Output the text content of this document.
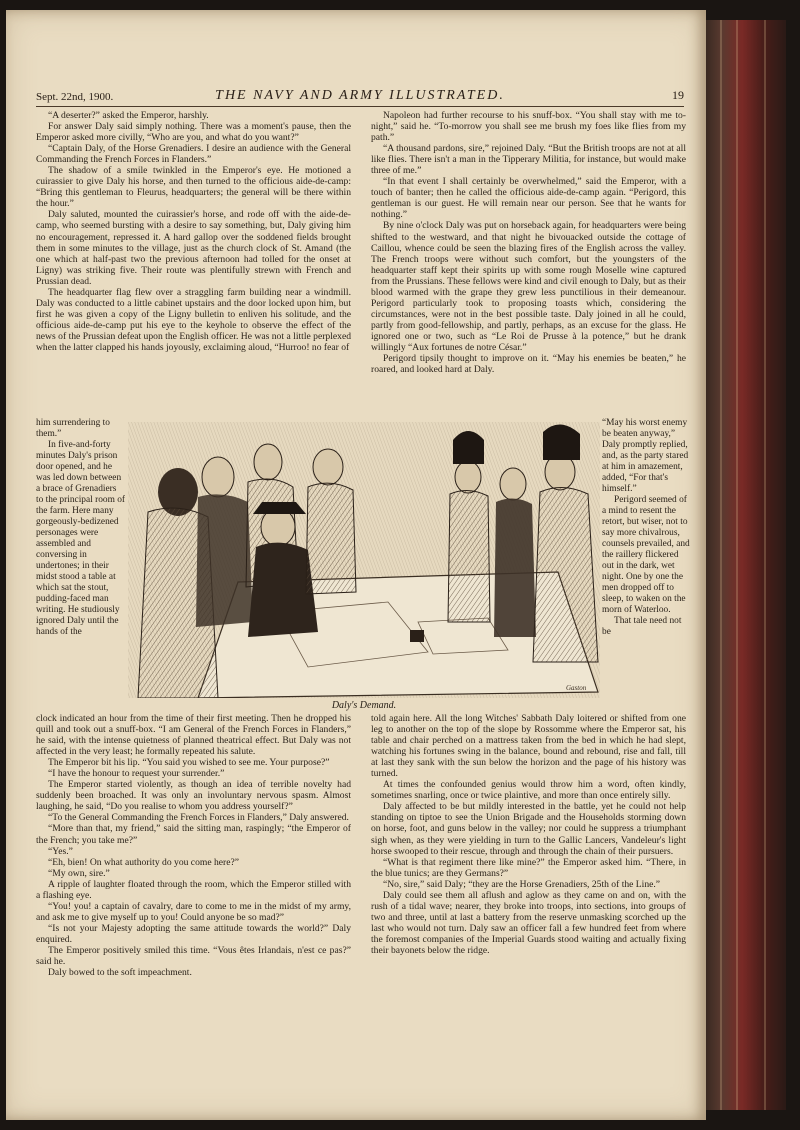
Sept. 22nd, 1900.	THE NAVY AND ARMY ILLUSTRATED.	19

“A deserter?” asked the Emperor, harshly.

For answer Daly said simply nothing. There was a moment's pause, then the Emperor asked more civilly, “Who are you, and what do you want?”

“Captain Daly, of the Horse Grenadiers. I desire an audience with the General Commanding the French Forces in Flanders.”

The shadow of a smile twinkled in the Emperor's eye. He motioned a cuirassier to give Daly his horse, and then turned to the officious aide-de-camp: “Bring this gentleman to Fleurus, headquarters; the general will be there within the hour.”

Daly saluted, mounted the cuirassier's horse, and rode off with the aide-de-camp, who seemed bursting with a desire to say something, but, Daly giving him no encouragement, repressed it. A hard gallop over the soddened fields brought them in some minutes to the village, just as the church clock of St. Amand (the one which at half-past two the previous afternoon had tolled for the onset at Ligny) was striking five. Their route was plentifully strewn with French and Prussian dead.

The headquarter flag flew over a straggling farm building near a windmill. Daly was conducted to a little cabinet upstairs and the door locked upon him, but first he was given a copy of the Ligny bulletin to enliven his solitude, and the officious aide-de-camp put his eye to the keyhole to observe the effect of the news of the Prussian defeat upon the English officer. He was not a little perplexed when the latter clapped his hands joyously, exclaiming aloud, “Hurroo! no fear of

Napoleon had further recourse to his snuff-box. “You shall stay with me to-night,” said he. “To-morrow you shall see me brush my foes like flies from my path.”

“A thousand pardons, sire,” rejoined Daly. “But the British troops are not at all like flies. There isn't a man in the Tipperary Militia, for instance, but would make three of me.”

“In that event I shall certainly be overwhelmed,” said the Emperor, with a touch of banter; then he called the officious aide-de-camp again. “Perigord, this gentleman is our guest. He will remain near our person. See that he wants for nothing.”

By nine o'clock Daly was put on horseback again, for headquarters were being shifted to the westward, and that night he bivouacked outside the cottage of Caillou, whence could be seen the blazing fires of the English across the valley. The French troops were without such comfort, but the youngsters of the headquarter staff kept their spirits up with some rough Moselle wine captured from the Prussians. These fellows were kind and civil enough to Daly, but as their blood warmed with the grape they grew less punctilious in their demeanour. Perigord particularly took to proposing toasts which, considering the circumstances, were not in the best possible taste. Daly joined in all he could, partly from good-fellowship, and partly, perhaps, as an excuse for the glass. He ignored one or two, such as “Le Roi de Prusse à la potence,” but he drank willingly “Aux fortunes de notre César.”

Perigord tipsily thought to improve on it. “May his enemies be beaten,” he roared, and looked hard at Daly.

him surrendering to them.”

In five-and-forty minutes Daly's prison door opened, and he was led down between a brace of Grenadiers to the principal room of the farm. Here many gorgeously-bedizened personages were assembled and conversing in undertones; in their midst stood a table at which sat the stout, pudding-faced man writing. He studiously ignored Daly until the hands of the

Gaston
Daly's Demand.

“May his worst enemy be beaten anyway,” Daly promptly replied, and, as the party stared at him in amazement, added, “For that's himself.”

Perigord seemed of a mind to resent the retort, but wiser, not to say more chivalrous, counsels prevailed, and the raillery flickered out in the dark, wet night. One by one the men dropped off to sleep, to waken on the morn of Waterloo.

That tale need not be

clock indicated an hour from the time of their first meeting. Then he dropped his quill and took out a snuff-box. “I am General of the French Forces in Flanders,” he said, with the intense quietness of planned theatrical effect. But Daly was not affected in the very least; he formally repeated his salute.

The Emperor bit his lip. “You said you wished to see me. Your purpose?”

“I have the honour to request your surrender.”

The Emperor started violently, as though an idea of terrible novelty had suddenly been broached. It was only an involuntary nervous spasm. Almost laughing, he said, “Do you realise to whom you address yourself?”

“To the General Commanding the French Forces in Flanders,” Daly answered.

“More than that, my friend,” said the sitting man, raspingly; “the Emperor of the French; you take me?”

“Yes.”

“Eh, bien! On what authority do you come here?”

“My own, sire.”

A ripple of laughter floated through the room, which the Emperor stilled with a flashing eye.

“You! you! a captain of cavalry, dare to come to me in the midst of my army, and ask me to give myself up to you! Could anyone be so mad?”

“Is not your Majesty adopting the same attitude towards the world?” Daly enquired.

The Emperor positively smiled this time. “Vous êtes Irlandais, n'est ce pas?” said he.

Daly bowed to the soft impeachment.

told again here. All the long Witches' Sabbath Daly loitered or shifted from one leg to another on the top of the slope by Rossomme where the Emperor sat, his table and chair perched on a mattress taken from the bed in which he had slept, watching his fortunes swing in the balance, bound and rebound, rise and fall, till at last they sank with the sun below the horizon and the page of his history was turned.

At times the confounded genius would throw him a word, often kindly, sometimes snarling, once or twice plaintive, and more than once entirely silly.

Daly affected to be but mildly interested in the battle, yet he could not help standing on tiptoe to see the Union Brigade and the Households storming down on horse, foot, and guns below in the valley; nor could he suppress a triumphant sigh when, as they were yielding in turn to the Gallic Lancers, Vandeleur's light horse swooped to their rescue, through and through the chain of their pursuers.

“What is that regiment there like mine?” the Emperor asked him. “There, in the blue tunics; are they Germans?”

“No, sire,” said Daly; “they are the Horse Grenadiers, 25th of the Line.”

Daly could see them all aflush and aglow as they came on and on, with the rush of a tidal wave; nearer, they broke into troops, into sections, into groups of two and three, until at last a battery from the reserve unmasking scorched up the last who would not turn. Daly saw an officer fall a few hundred feet from where the foremost companies of the Imperial Guards stood waiting and actually fixing their bayonets below the ridge.
